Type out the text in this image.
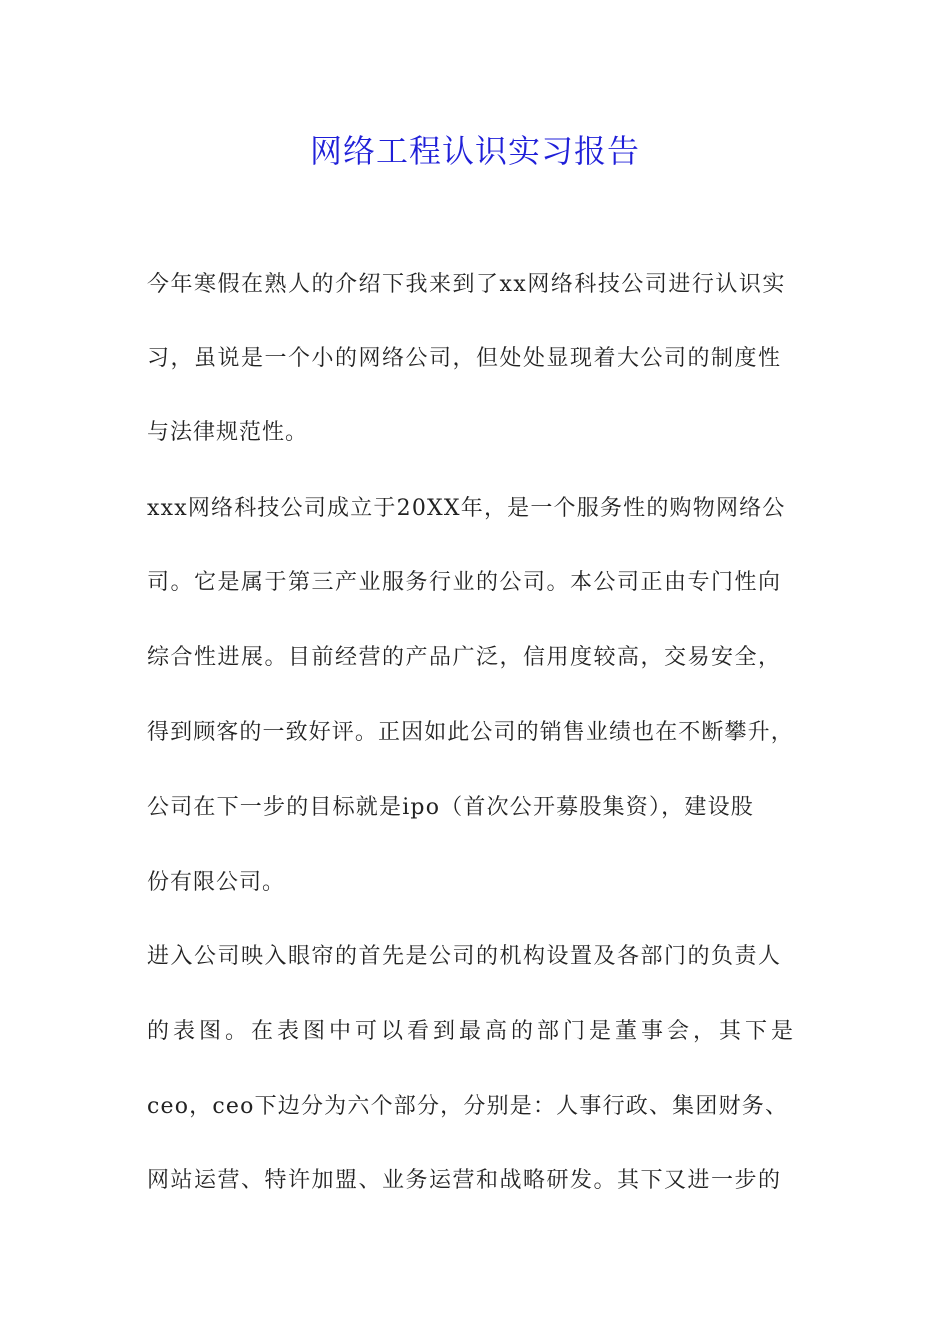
网络工程认识实习报告

今年寒假在熟人的介绍下我来到了xx网络科技公司进行认识实

习，虽说是一个小的网络公司，但处处显现着大公司的制度性

与法律规范性。

xxx网络科技公司成立于20XX年，是一个服务性的购物网络公

司。它是属于第三产业服务行业的公司。本公司正由专门性向

综合性进展。目前经营的产品广泛，信用度较高，交易安全，

得到顾客的一致好评。正因如此公司的销售业绩也在不断攀升，

公司在下一步的目标就是ipo（首次公开募股集资），建设股

份有限公司。

进入公司映入眼帘的首先是公司的机构设置及各部门的负责人

的表图。在表图中可以看到最高的部门是董事会，其下是

ceo，ceo下边分为六个部分，分别是：人事行政、集团财务、

网站运营、特许加盟、业务运营和战略研发。其下又进一步的
